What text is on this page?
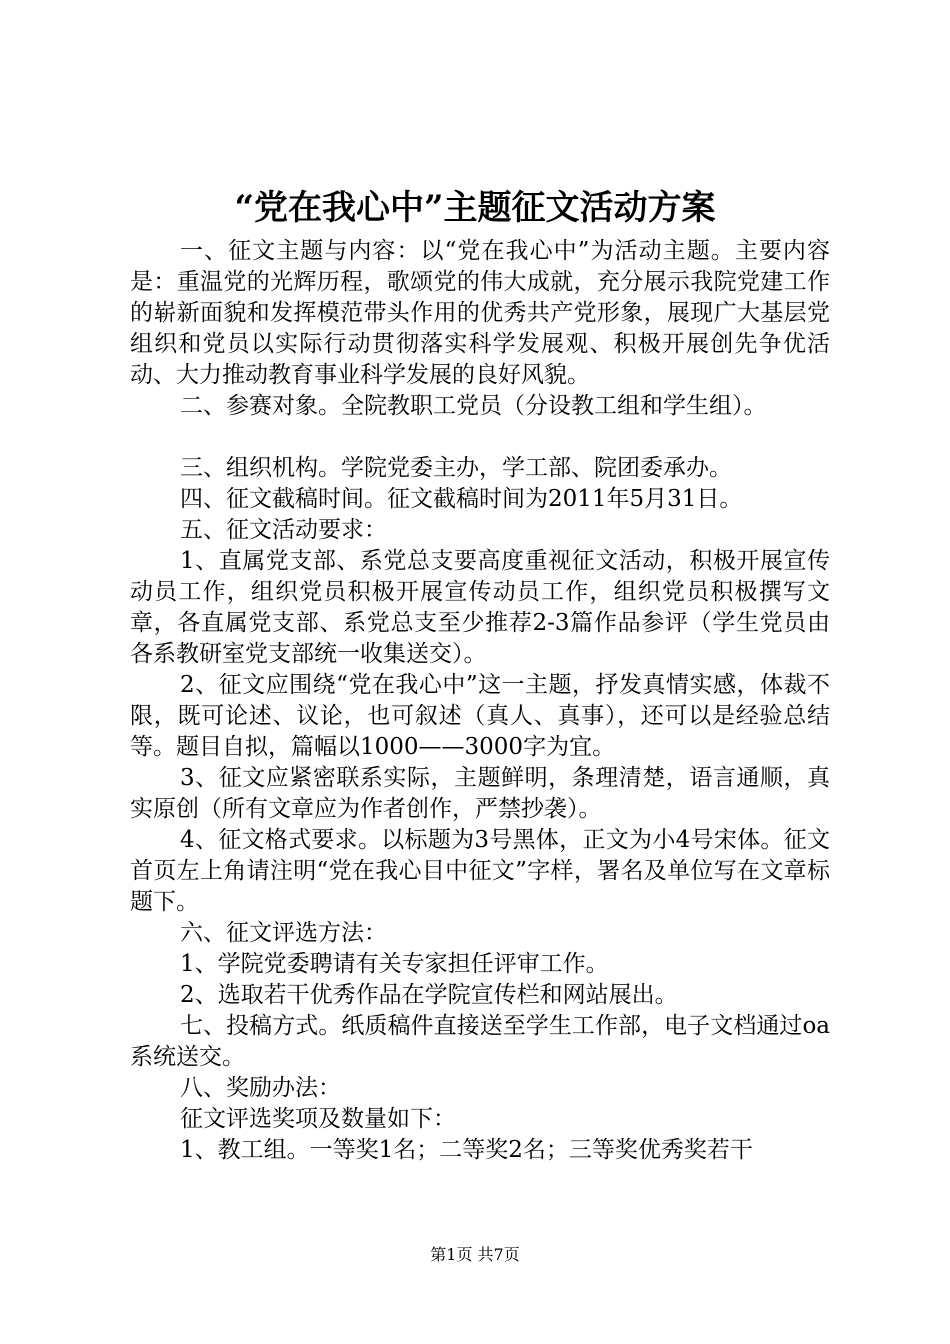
“党在我心中”主题征文活动方案

一、征文主题与内容：以“党在我心中”为活动主题。主要内容是：重温党的光辉历程，歌颂党的伟大成就，充分展示我院党建工作的崭新面貌和发挥模范带头作用的优秀共产党形象，展现广大基层党组织和党员以实际行动贯彻落实科学发展观、积极开展创先争优活动、大力推动教育事业科学发展的良好风貌。

二、参赛对象。全院教职工党员（分设教工组和学生组）。

三、组织机构。学院党委主办，学工部、院团委承办。

四、征文截稿时间。征文截稿时间为2011年5月31日。

五、征文活动要求：

1、直属党支部、系党总支要高度重视征文活动，积极开展宣传动员工作，组织党员积极开展宣传动员工作，组织党员积极撰写文章，各直属党支部、系党总支至少推荐2-3篇作品参评（学生党员由各系教研室党支部统一收集送交）。

2、征文应围绕“党在我心中”这一主题，抒发真情实感，体裁不限，既可论述、议论，也可叙述（真人、真事），还可以是经验总结等。题目自拟，篇幅以1000——3000字为宜。

3、征文应紧密联系实际，主题鲜明，条理清楚，语言通顺，真实原创（所有文章应为作者创作，严禁抄袭）。

4、征文格式要求。以标题为3号黑体，正文为小4号宋体。征文首页左上角请注明“党在我心目中征文”字样，署名及单位写在文章标题下。

六、征文评选方法：

1、学院党委聘请有关专家担任评审工作。

2、选取若干优秀作品在学院宣传栏和网站展出。

七、投稿方式。纸质稿件直接送至学生工作部，电子文档通过oa系统送交。

八、奖励办法：

征文评选奖项及数量如下：

1、教工组。一等奖1名；二等奖2名；三等奖优秀奖若干

第1页 共7页
